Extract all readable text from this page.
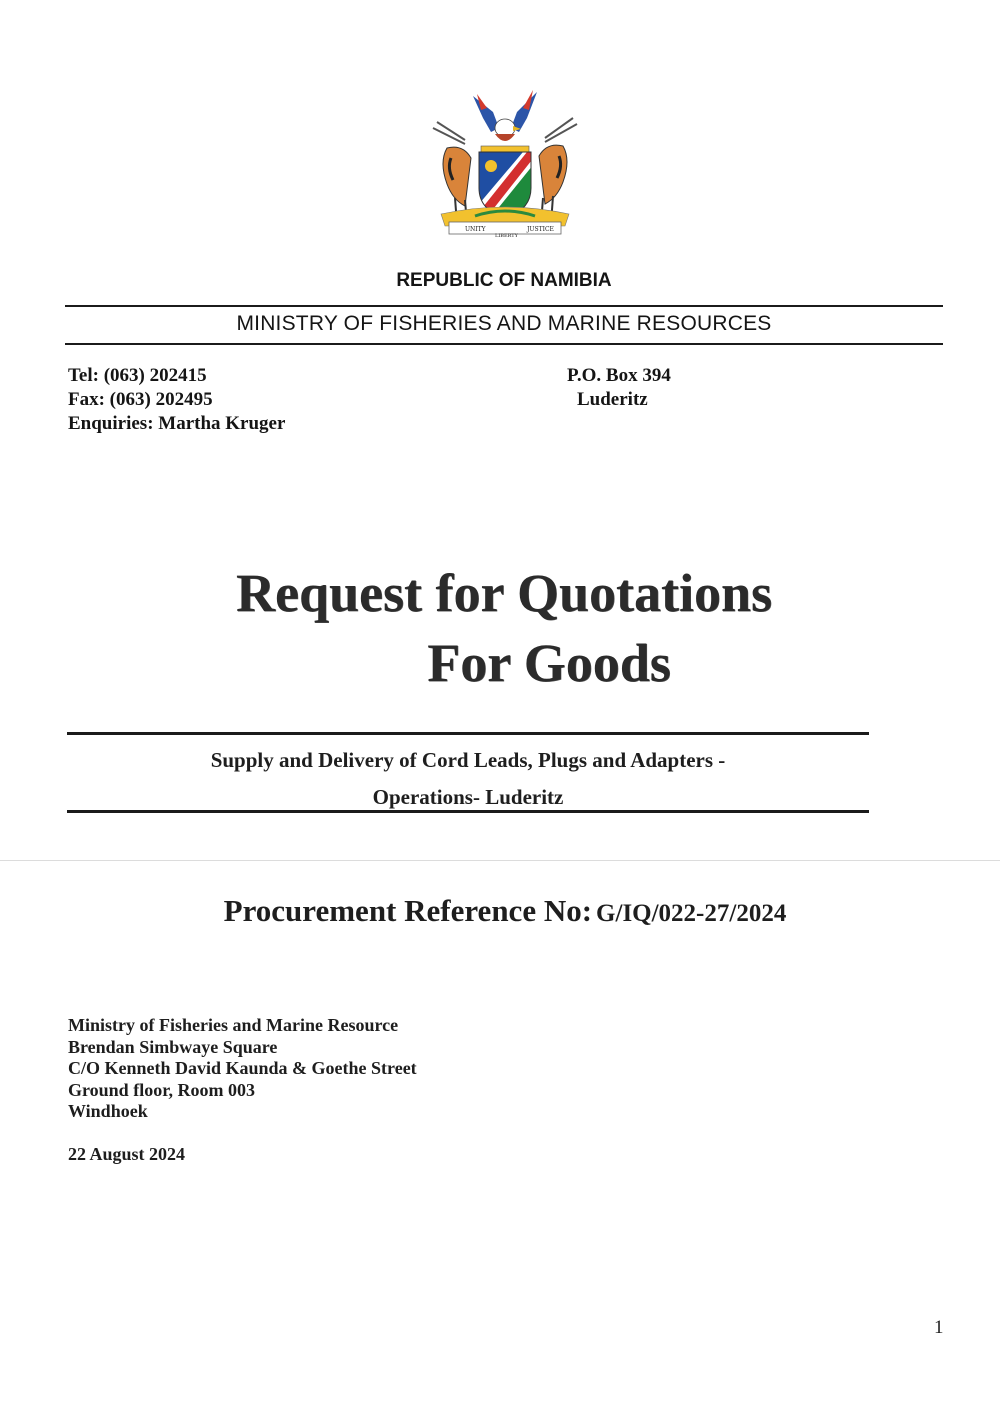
UNITY
LIBERTY
JUSTICE
REPUBLIC OF NAMIBIA
MINISTRY OF FISHERIES AND MARINE RESOURCES
Tel: (063) 202415
Fax: (063) 202495
Enquiries: Martha Kruger
P.O. Box 394
Luderitz
Request for Quotations
For Goods
Supply and Delivery of Cord Leads, Plugs and Adapters -
Operations- Luderitz
Procurement Reference No: G/IQ/022-27/2024
Ministry of Fisheries and Marine Resource
Brendan Simbwaye Square
C/O Kenneth David Kaunda & Goethe Street
Ground floor, Room 003
Windhoek
22 August 2024
1
